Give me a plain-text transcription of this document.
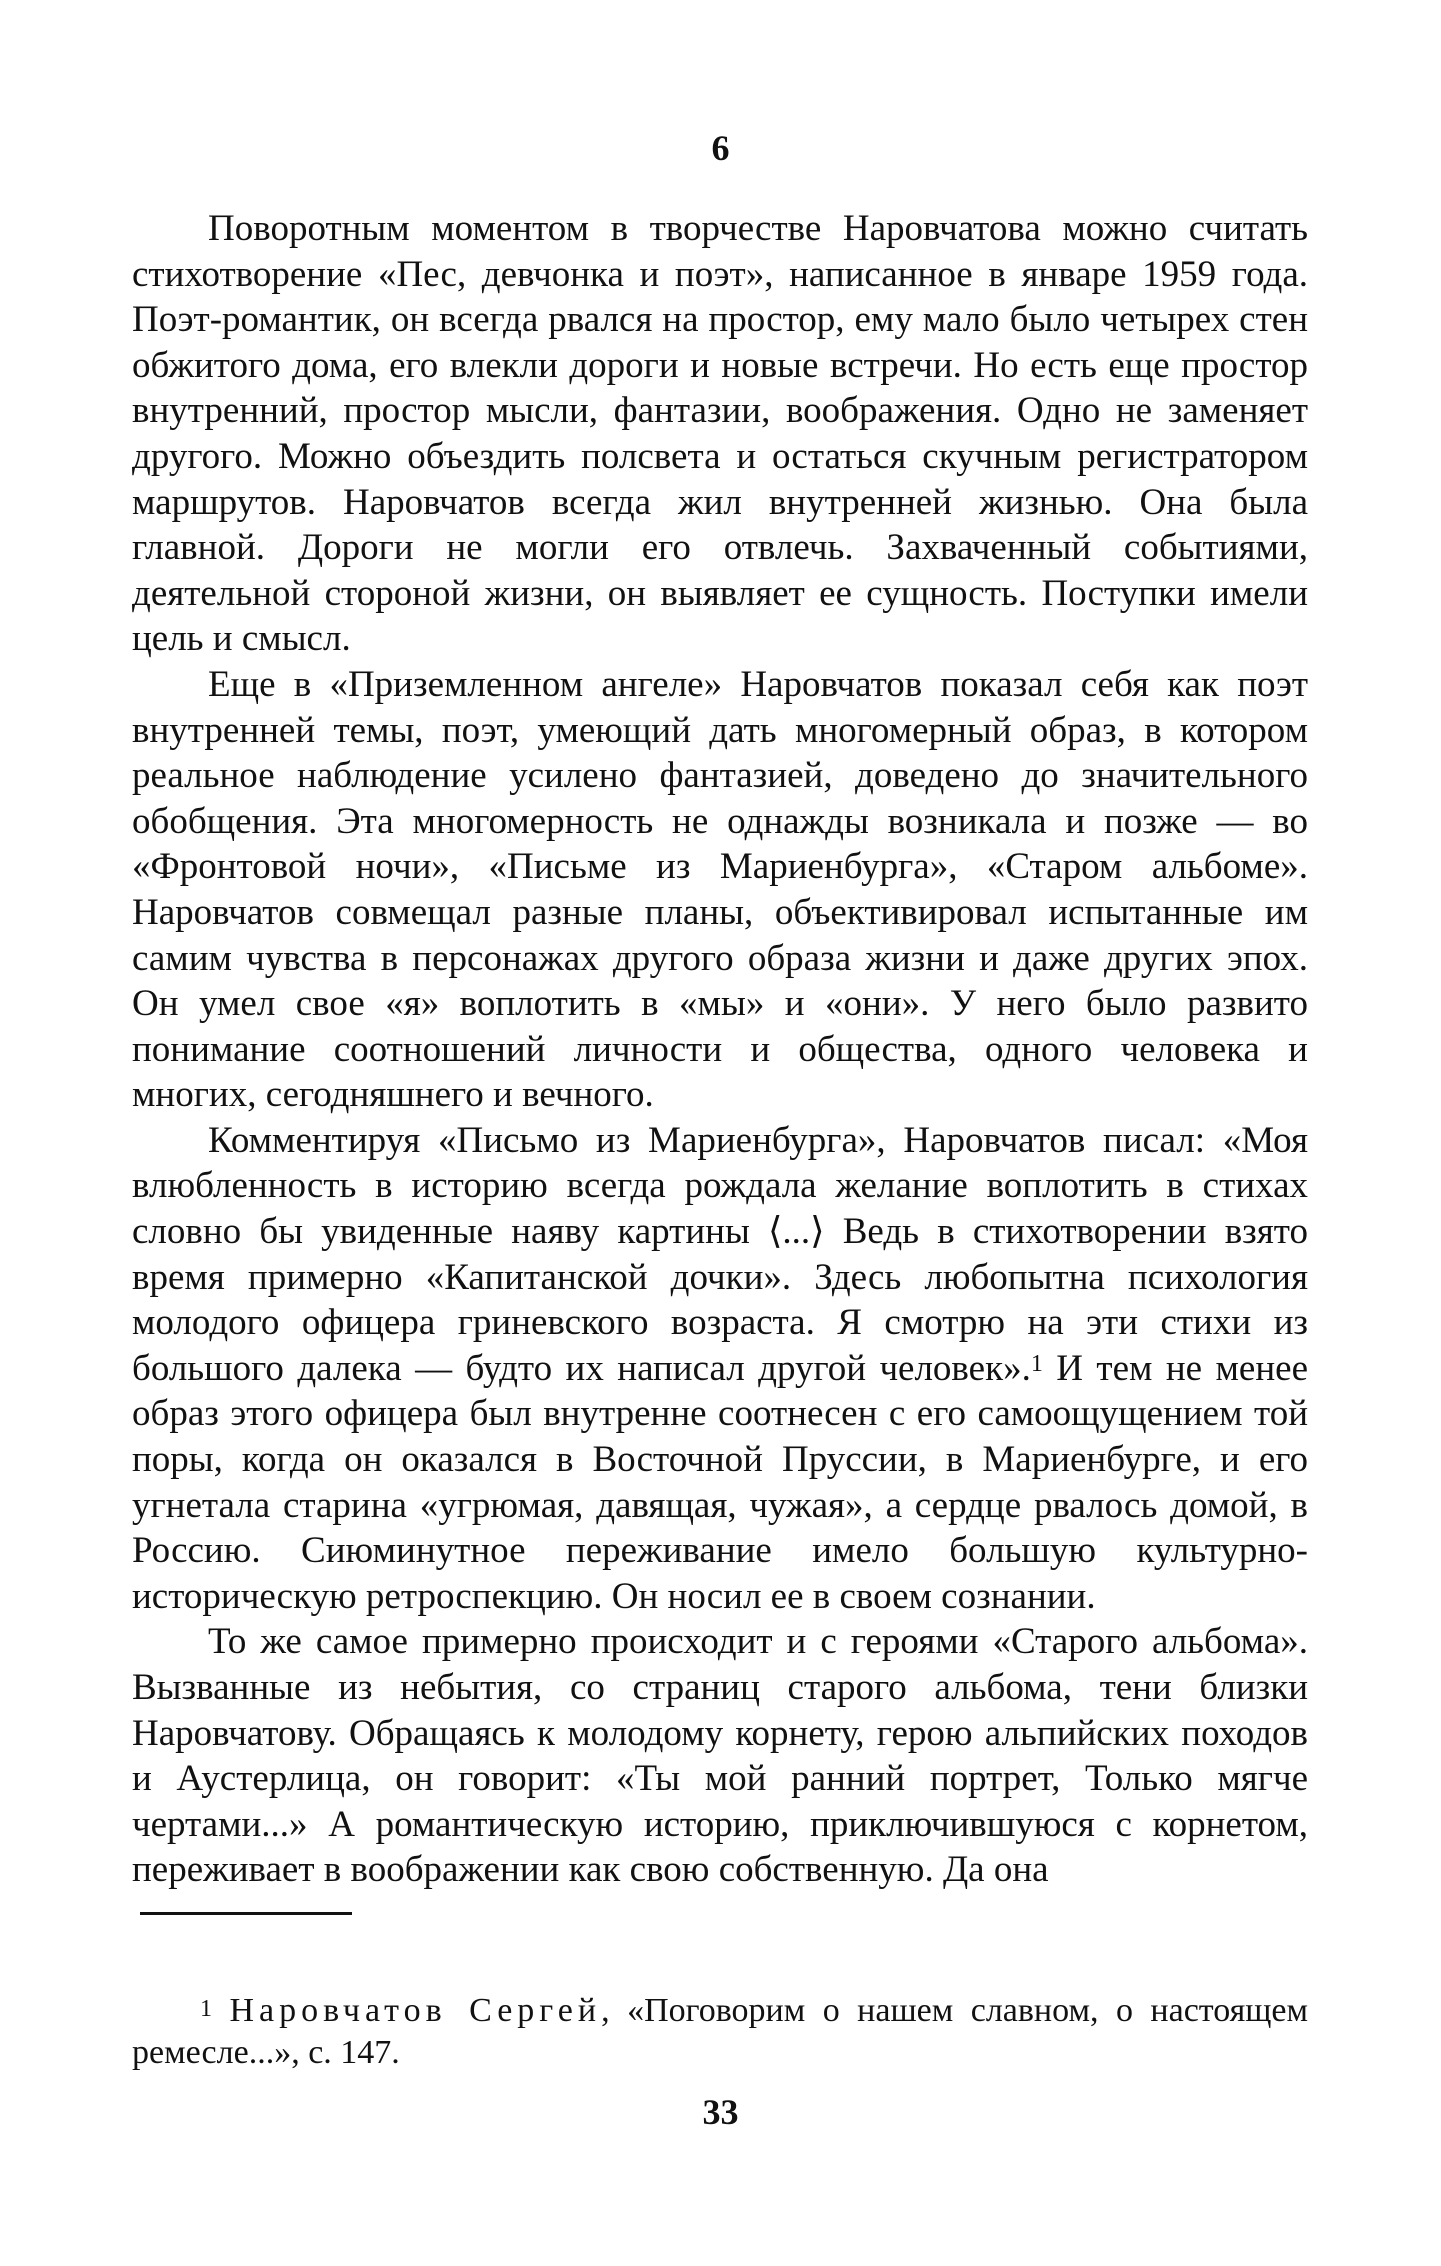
6

Поворотным моментом в творчестве Наровчатова можно считать стихотворение «Пес, девчонка и поэт», написанное в январе 1959 года. Поэт-романтик, он всегда рвался на простор, ему мало было четырех стен обжитого дома, его влекли дороги и новые встречи. Но есть еще простор внутренний, простор мысли, фантазии, воображения. Одно не заменяет другого. Можно объездить полсвета и остаться скучным регистратором маршрутов. Наровчатов всегда жил внутренней жизнью. Она была главной. Дороги не могли его отвлечь. Захваченный событиями, деятельной стороной жизни, он выявляет ее сущность. Поступки имели цель и смысл.

Еще в «Приземленном ангеле» Наровчатов показал себя как поэт внутренней темы, поэт, умеющий дать многомерный образ, в котором реальное наблюдение усилено фантазией, доведено до значительного обобщения. Эта многомерность не однажды возникала и позже — во «Фронтовой ночи», «Письме из Мариенбурга», «Старом альбоме». Наровчатов совмещал разные планы, объективировал испытанные им самим чувства в персонажах другого образа жизни и даже других эпох. Он умел свое «я» воплотить в «мы» и «они». У него было развито понимание соотношений личности и общества, одного человека и многих, сегодняшнего и вечного.

Комментируя «Письмо из Мариенбурга», Наровчатов писал: «Моя влюбленность в историю всегда рождала желание воплотить в стихах словно бы увиденные наяву картины ⟨...⟩ Ведь в стихотворении взято время примерно «Капитанской дочки». Здесь любопытна психология молодого офицера гриневского возраста. Я смотрю на эти стихи из большого далека — будто их написал другой человек».$^1$ И тем не менее образ этого офицера был внутренне соотнесен с его самоощущением той поры, когда он оказался в Восточной Пруссии, в Мариенбурге, и его угнетала старина «угрюмая, давящая, чужая», а сердце рвалось домой, в Россию. Сиюминутное переживание имело большую культурно-историческую ретроспекцию. Он носил ее в своем сознании.

То же самое примерно происходит и с героями «Старого альбома». Вызванные из небытия, со страниц старого альбома, тени близки Наровчатову. Обращаясь к молодому корнету, герою альпийских походов и Аустерлица, он говорит: «Ты мой ранний портрет, Только мягче чертами...» А романтическую историю, приключившуюся с корнетом, переживает в воображении как свою собственную. Да она

$^1$ Наровчатов Сергей, «Поговорим о нашем славном, о настоящем ремесле...», с. 147.

33
